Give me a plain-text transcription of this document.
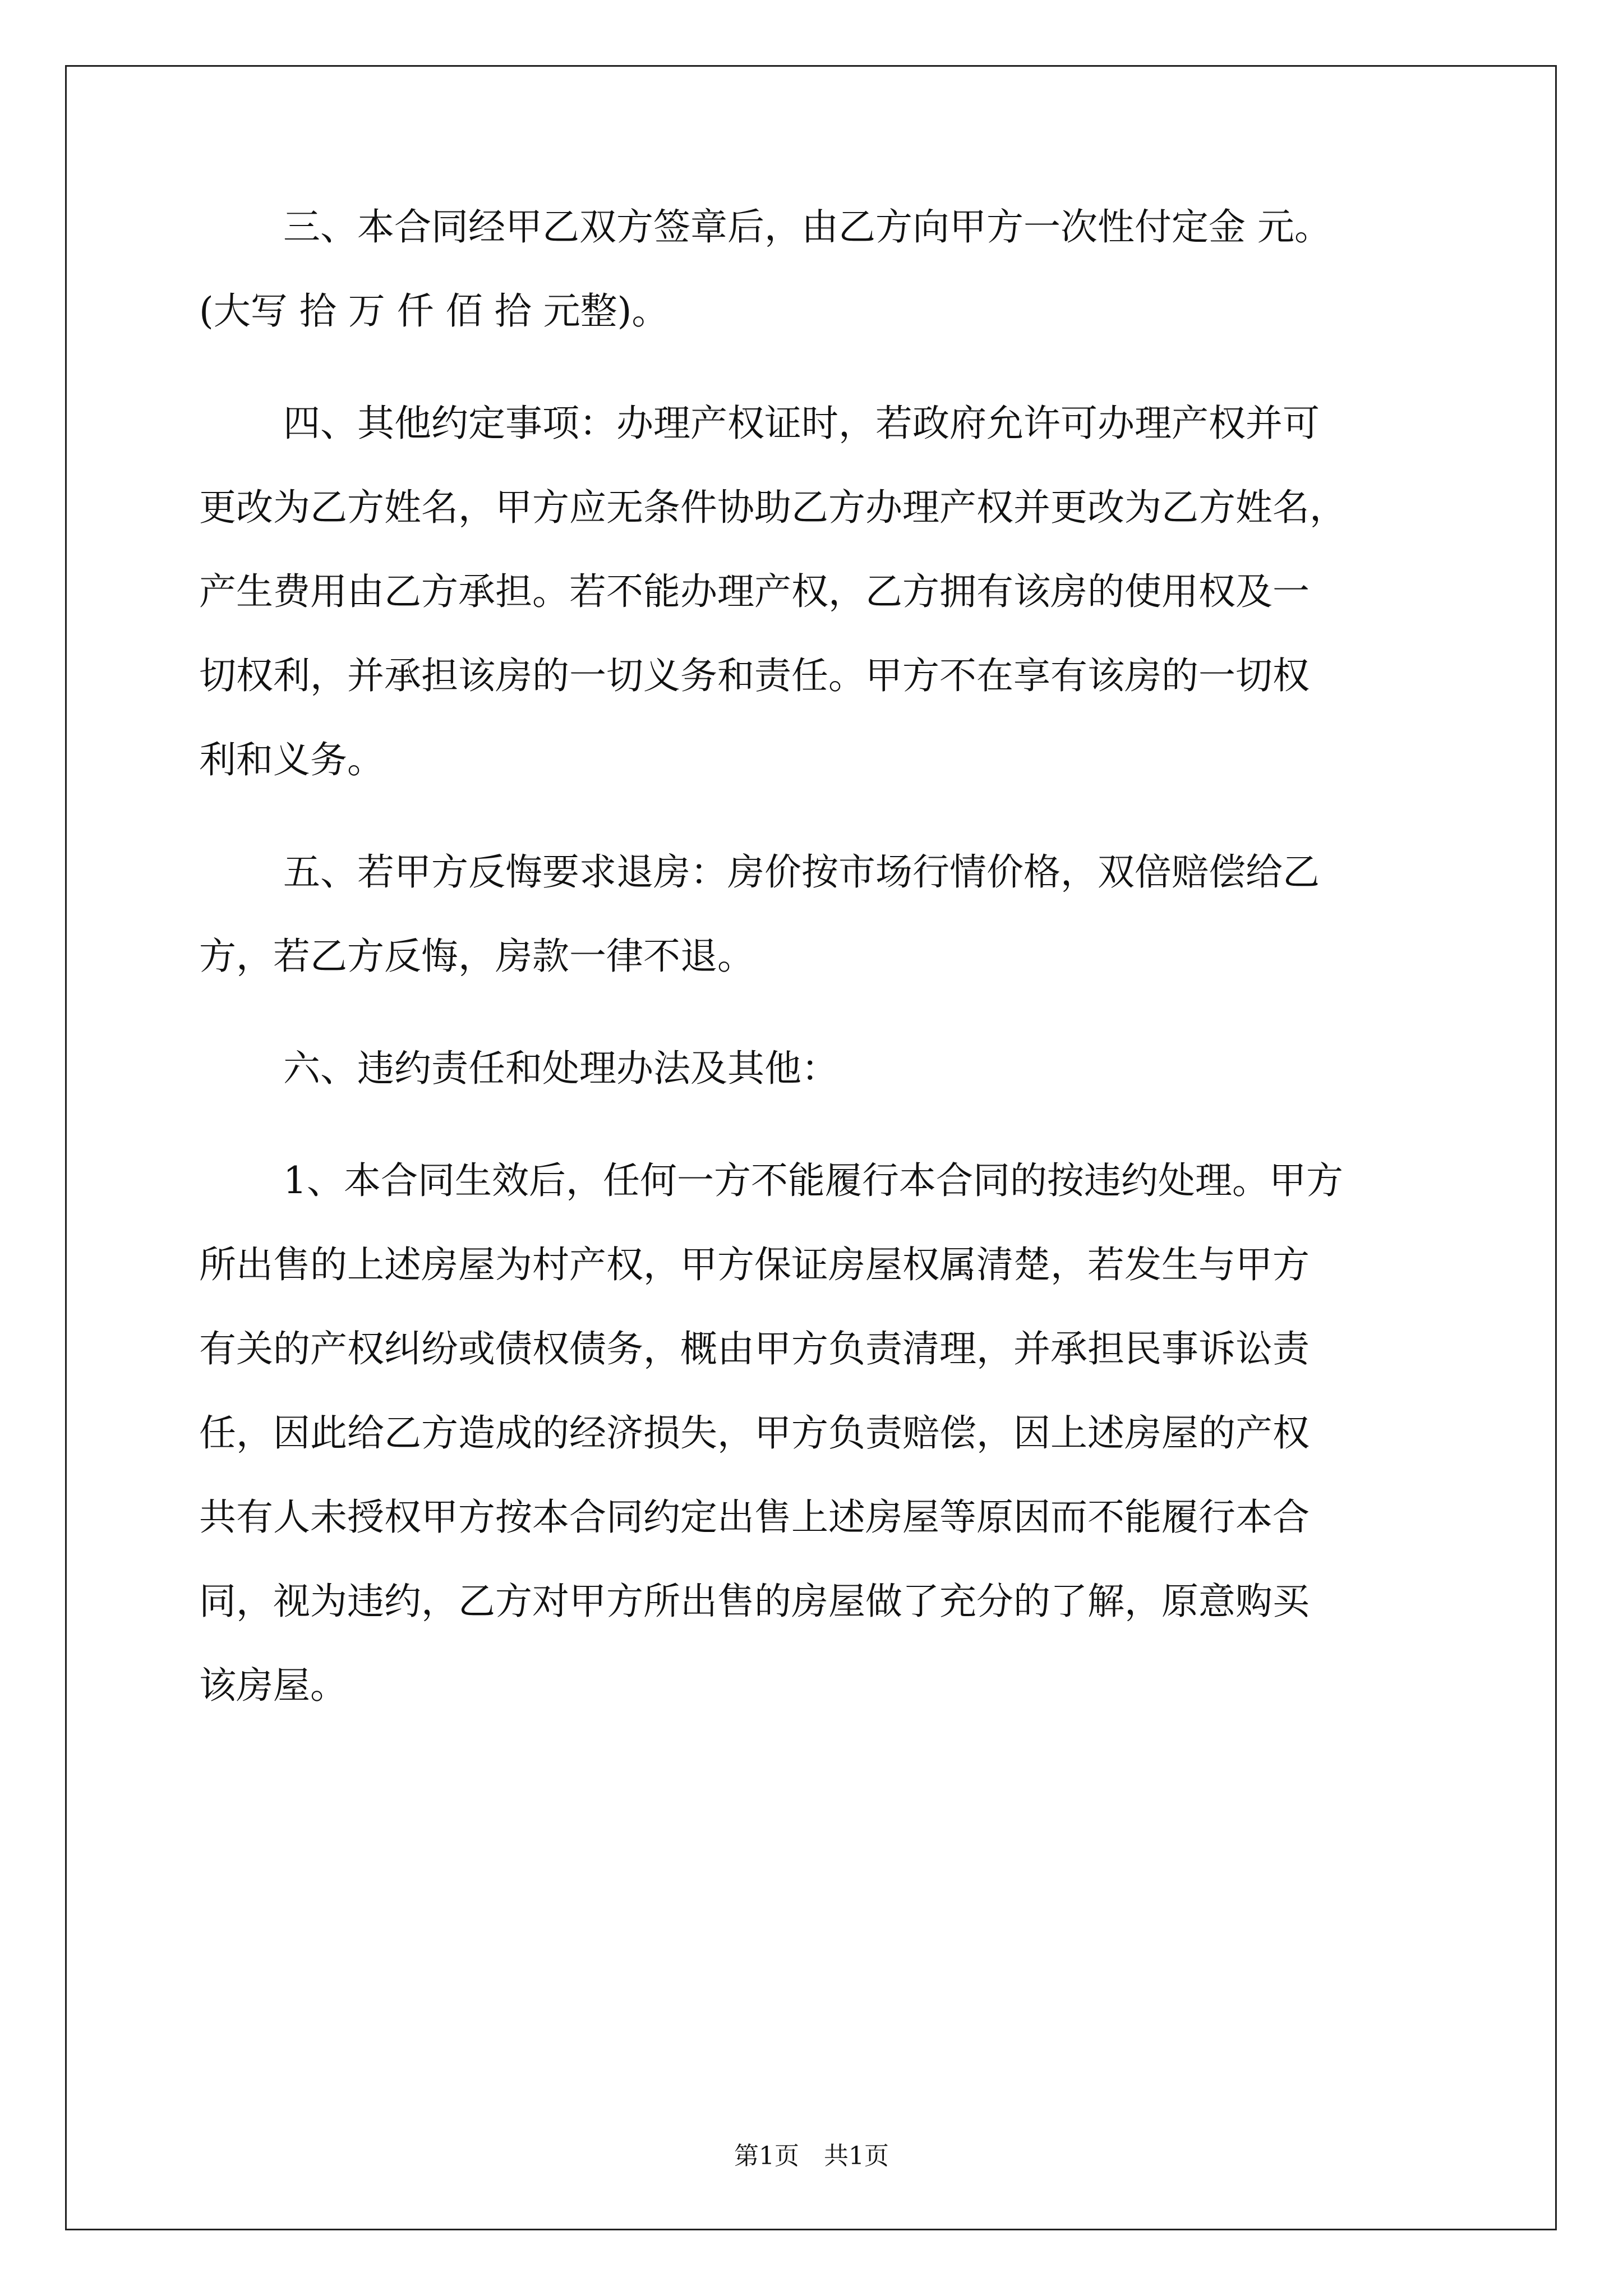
三、本合同经甲乙双方签章后，由乙方向甲方一次性付定金 元。
(大写 拾 万 仟 佰 拾 元整)。
四、其他约定事项：办理产权证时，若政府允许可办理产权并可
更改为乙方姓名，甲方应无条件协助乙方办理产权并更改为乙方姓名，
产生费用由乙方承担。若不能办理产权，乙方拥有该房的使用权及一
切权利，并承担该房的一切义务和责任。甲方不在享有该房的一切权
利和义务。
五、若甲方反悔要求退房：房价按市场行情价格，双倍赔偿给乙
方，若乙方反悔，房款一律不退。
六、违约责任和处理办法及其他：
1、本合同生效后，任何一方不能履行本合同的按违约处理。甲方
所出售的上述房屋为村产权，甲方保证房屋权属清楚，若发生与甲方
有关的产权纠纷或债权债务，概由甲方负责清理，并承担民事诉讼责
任，因此给乙方造成的经济损失，甲方负责赔偿，因上述房屋的产权
共有人未授权甲方按本合同约定出售上述房屋等原因而不能履行本合
同，视为违约，乙方对甲方所出售的房屋做了充分的了解，原意购买
该房屋。
第1页　共1页
